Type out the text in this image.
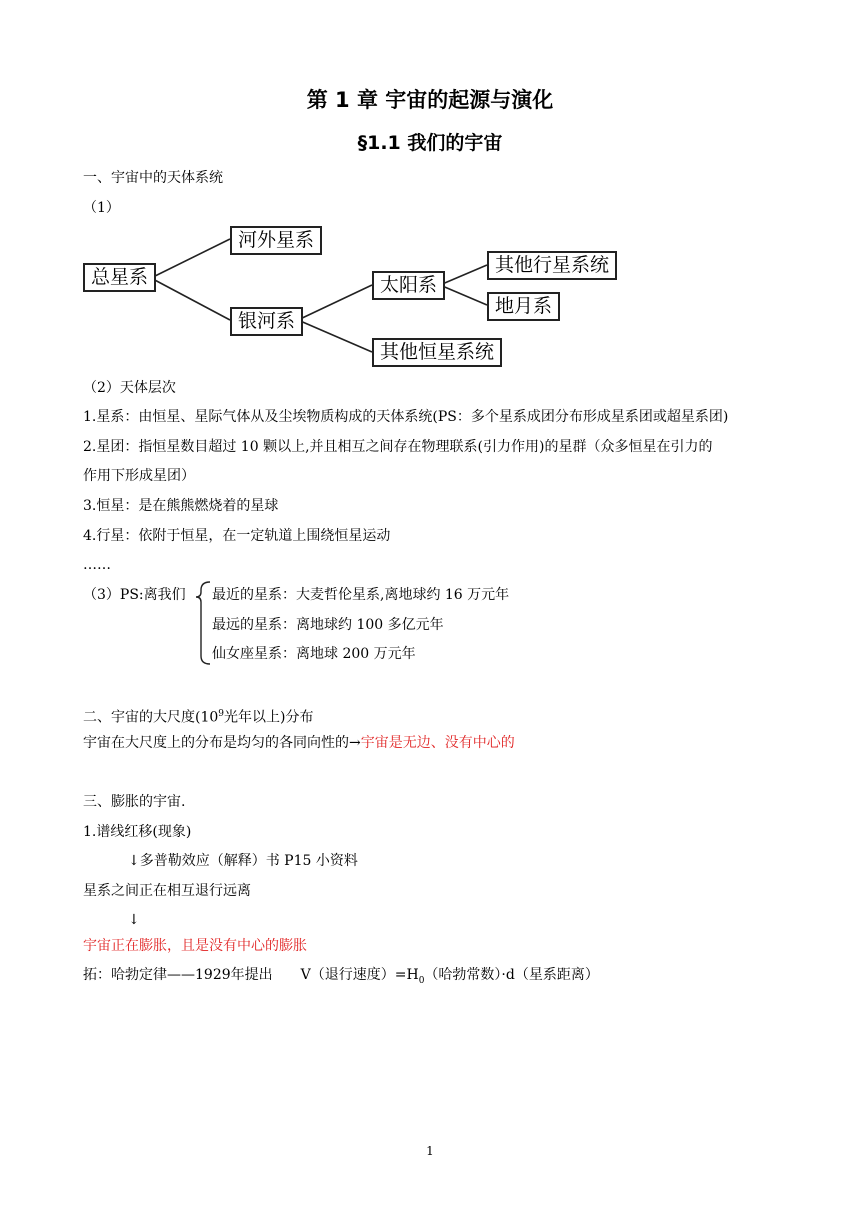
第 1 章 宇宙的起源与演化
§1.1 我们的宇宙
一、宇宙中的天体系统
（1）
总星系
河外星系
银河系
太阳系
其他恒星系统
其他行星系统
地月系
（2）天体层次
1.星系：由恒星、星际气体从及尘埃物质构成的天体系统(PS：多个星系成团分布形成星系团或超星系团)
2.星团：指恒星数目超过 10 颗以上,并且相互之间存在物理联系(引力作用)的星群（众多恒星在引力的
作用下形成星团）
3.恒星：是在熊熊燃烧着的星球
4.行星：依附于恒星，在一定轨道上围绕恒星运动
……
（3）PS:离我们 最近的星系：大麦哲伦星系,离地球约 16 万元年
最远的星系：离地球约 100 多亿元年
仙女座星系：离地球 200 万元年
二、宇宙的大尺度($10^9$光年以上)分布
宇宙在大尺度上的分布是均匀的各同向性的→宇宙是无边、没有中心的
三、膨胀的宇宙.
1.谱线红移(现象)
↓多普勒效应（解释）书 P15 小资料
星系之间正在相互退行远离
↓
宇宙正在膨胀，且是没有中心的膨胀
拓：哈勃定律——1929年提出　　V（退行速度）$=H_0$（哈勃常数）·d（星系距离）
1
